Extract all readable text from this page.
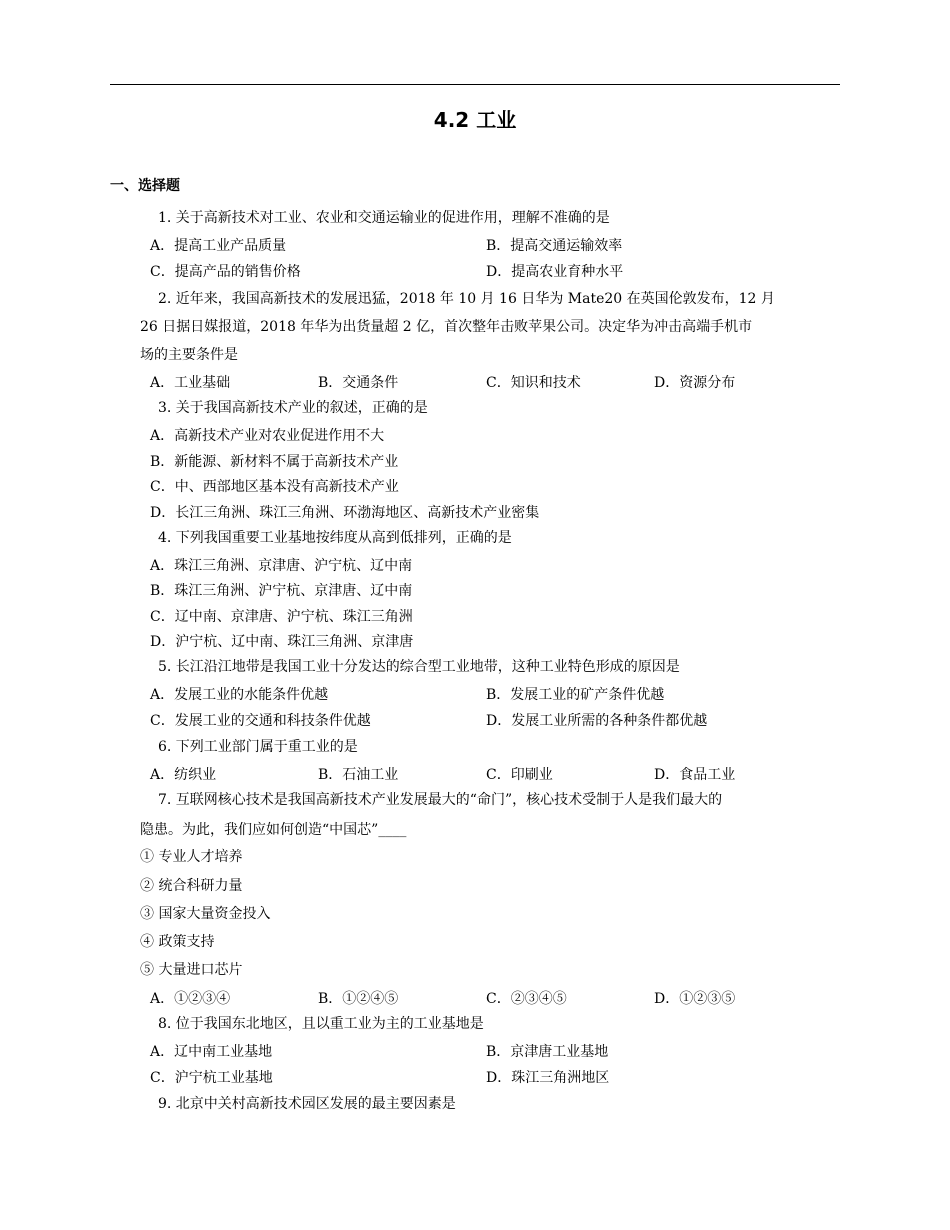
4.2 工业
一、选择题
1. 关于高新技术对工业、农业和交通运输业的促进作用，理解不准确的是
A．提高工业产品质量	B．提高交通运输效率
C．提高产品的销售价格	D．提高农业育种水平
2. 近年来，我国高新技术的发展迅猛，2018 年 10 月 16 日华为 Mate20 在英国伦敦发布，12 月
26 日据日媒报道，2018 年华为出货量超 2 亿，首次整年击败苹果公司。决定华为冲击高端手机市
场的主要条件是
A．工业基础	B．交通条件	C．知识和技术	D．资源分布
3. 关于我国高新技术产业的叙述，正确的是
A．高新技术产业对农业促进作用不大
B．新能源、新材料不属于高新技术产业
C．中、西部地区基本没有高新技术产业
D．长江三角洲、珠江三角洲、环渤海地区、高新技术产业密集
4. 下列我国重要工业基地按纬度从高到低排列，正确的是
A．珠江三角洲、京津唐、沪宁杭、辽中南
B．珠江三角洲、沪宁杭、京津唐、辽中南
C．辽中南、京津唐、沪宁杭、珠江三角洲
D．沪宁杭、辽中南、珠江三角洲、京津唐
5. 长江沿江地带是我国工业十分发达的综合型工业地带，这种工业特色形成的原因是
A．发展工业的水能条件优越	B．发展工业的矿产条件优越
C．发展工业的交通和科技条件优越	D．发展工业所需的各种条件都优越
6. 下列工业部门属于重工业的是
A．纺织业	B．石油工业	C．印刷业	D．食品工业
7. 互联网核心技术是我国高新技术产业发展最大的“命门”，核心技术受制于人是我们最大的
隐患。为此，我们应如何创造“中国芯”____
① 专业人才培养
② 统合科研力量
③ 国家大量资金投入
④ 政策支持
⑤ 大量进口芯片
A．①②③④	B．①②④⑤	C．②③④⑤	D．①②③⑤
8. 位于我国东北地区，且以重工业为主的工业基地是
A．辽中南工业基地	B．京津唐工业基地
C．沪宁杭工业基地	D．珠江三角洲地区
9. 北京中关村高新技术园区发展的最主要因素是
